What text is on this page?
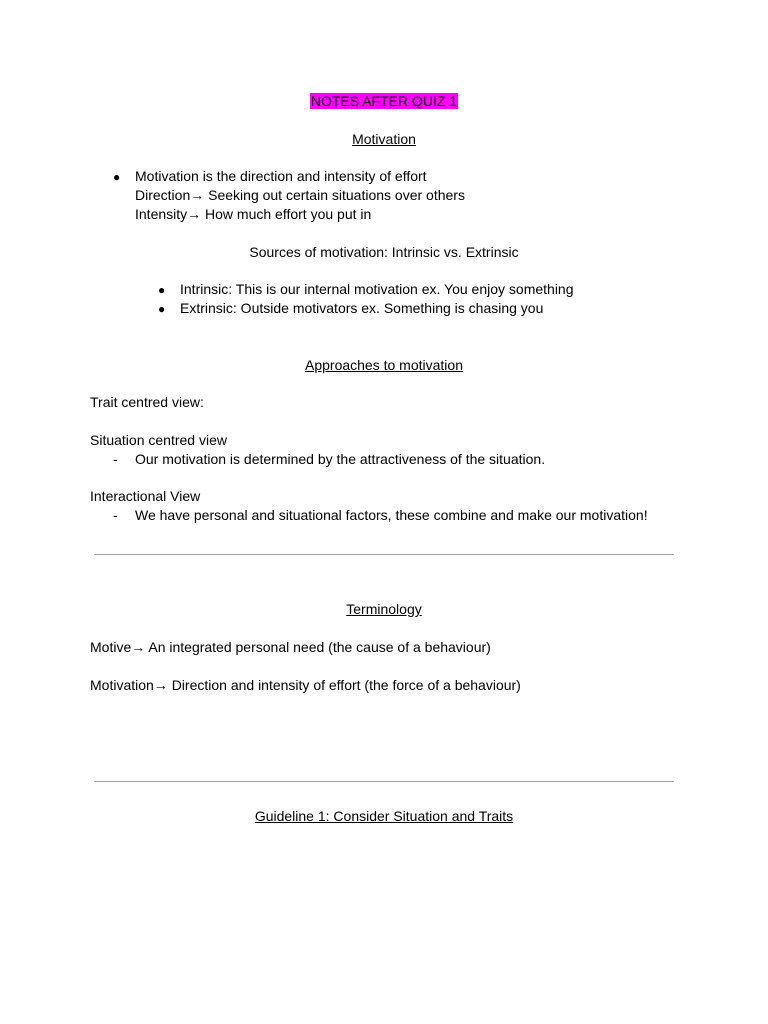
NOTES AFTER QUIZ 1
Motivation
● Motivation is the direction and intensity of effort
Direction→ Seeking out certain situations over others
Intensity→ How much effort you put in
Sources of motivation: Intrinsic vs. Extrinsic
● Intrinsic: This is our internal motivation ex. You enjoy something
● Extrinsic: Outside motivators ex. Something is chasing you
Approaches to motivation
Trait centred view:
Situation centred view
- Our motivation is determined by the attractiveness of the situation.
Interactional View
- We have personal and situational factors, these combine and make our motivation!
Terminology
Motive→ An integrated personal need (the cause of a behaviour)
Motivation→ Direction and intensity of effort (the force of a behaviour)
Guideline 1: Consider Situation and Traits
